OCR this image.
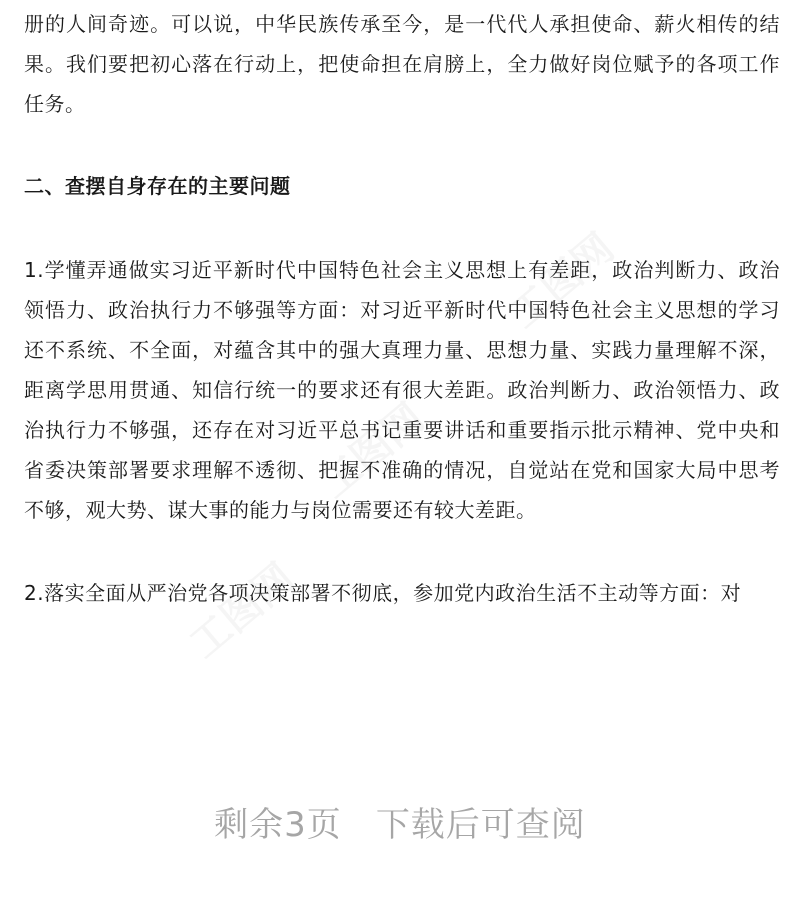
工图网
工图网
工图网

册的人间奇迹。可以说，中华民族传承至今，是一代代人承担使命、薪火相传的结果。我们要把初心落在行动上，把使命担在肩膀上，全力做好岗位赋予的各项工作任务。

二、查摆自身存在的主要问题

1.学懂弄通做实习近平新时代中国特色社会主义思想上有差距，政治判断力、政治领悟力、政治执行力不够强等方面：对习近平新时代中国特色社会主义思想的学习还不系统、不全面，对蕴含其中的强大真理力量、思想力量、实践力量理解不深，距离学思用贯通、知信行统一的要求还有很大差距。政治判断力、政治领悟力、政治执行力不够强，还存在对习近平总书记重要讲话和重要指示批示精神、党中央和省委决策部署要求理解不透彻、把握不准确的情况，自觉站在党和国家大局中思考不够，观大势、谋大事的能力与岗位需要还有较大差距。

2.落实全面从严治党各项决策部署不彻底，参加党内政治生活不主动等方面：对

剩余3页 下载后可查阅
